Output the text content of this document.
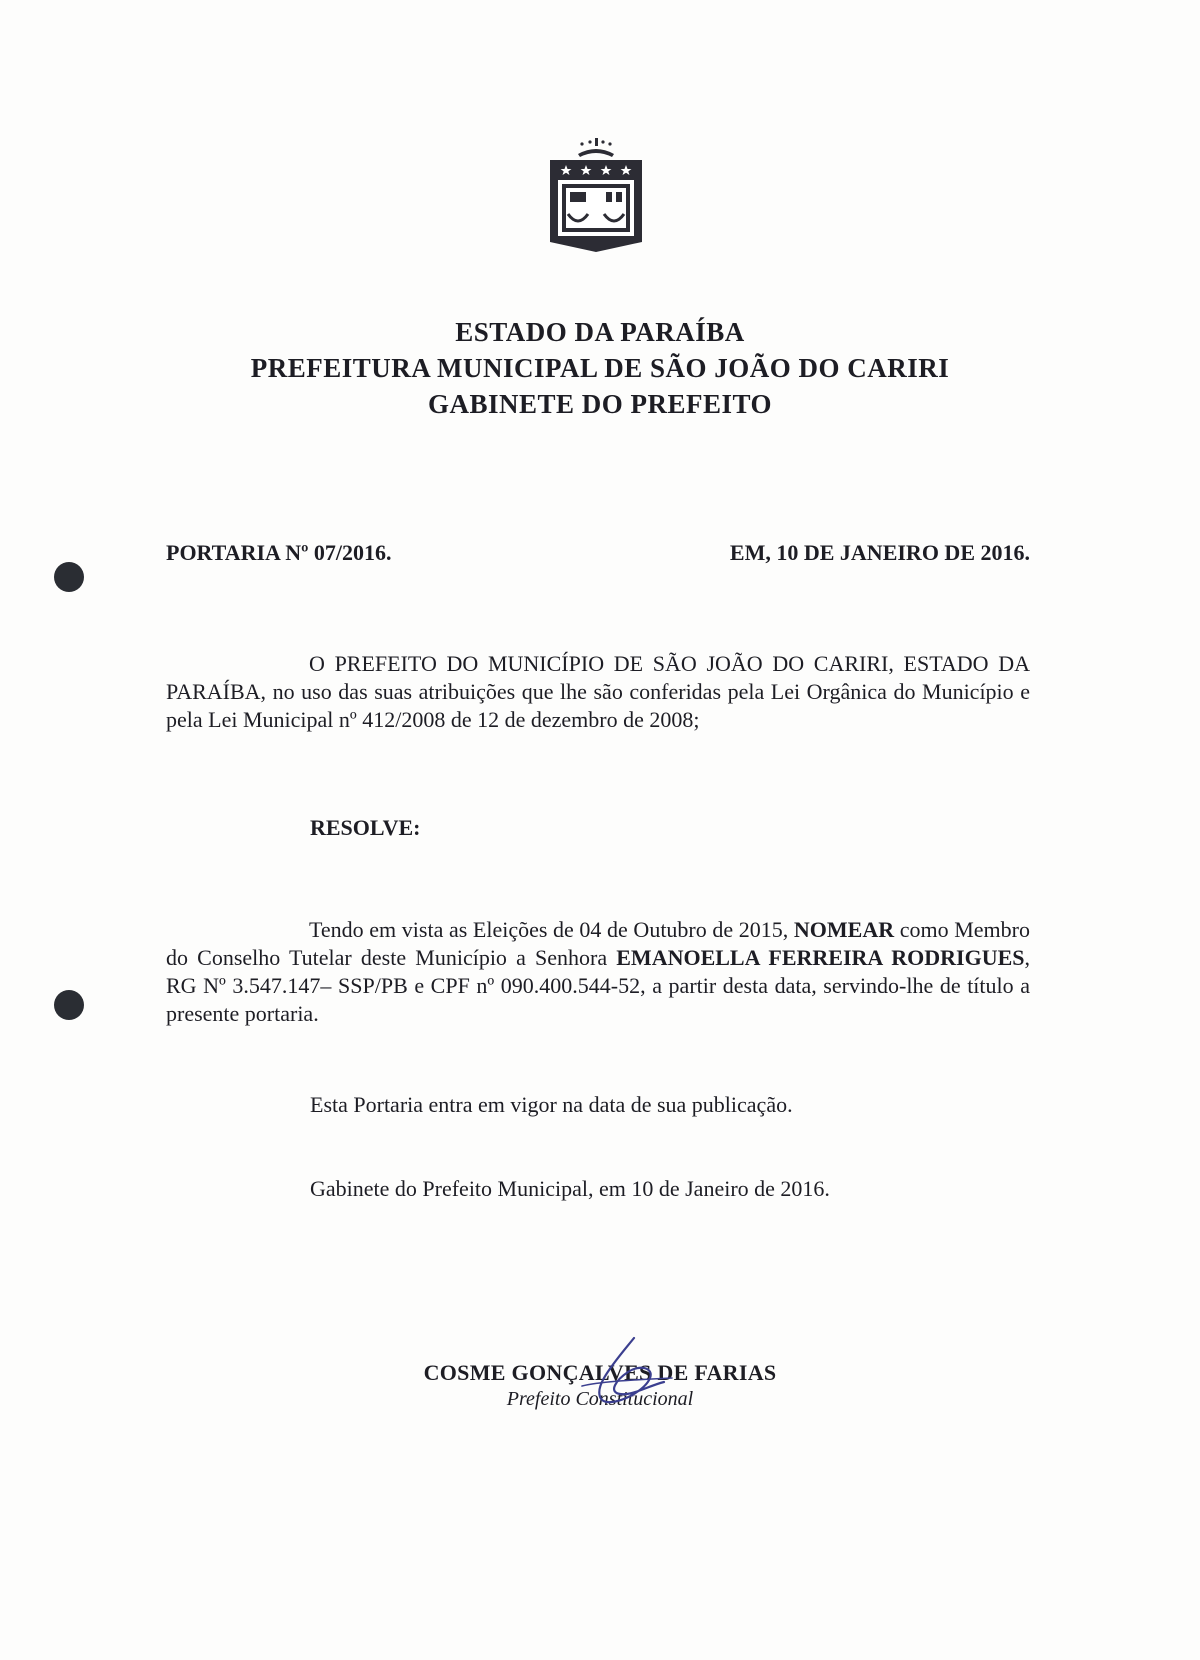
ESTADO DA PARAÍBA
PREFEITURA MUNICIPAL DE SÃO JOÃO DO CARIRI
GABINETE DO PREFEITO
PORTARIA Nº 07/2016.	EM, 10 DE JANEIRO DE 2016.
O PREFEITO DO MUNICÍPIO DE SÃO JOÃO DO CARIRI, ESTADO DA PARAÍBA, no uso das suas atribuições que lhe são conferidas pela Lei Orgânica do Município e pela Lei Municipal nº 412/2008 de 12 de dezembro de 2008;
RESOLVE:
Tendo em vista as Eleições de 04 de Outubro de 2015, NOMEAR como Membro do Conselho Tutelar deste Município a Senhora EMANOELLA FERREIRA RODRIGUES, RG Nº 3.547.147– SSP/PB e CPF nº 090.400.544-52, a partir desta data, servindo-lhe de título a presente portaria.
Esta Portaria entra em vigor na data de sua publicação.
Gabinete do Prefeito Municipal, em 10 de Janeiro de 2016.
COSME GONÇALVES DE FARIAS
Prefeito Constitucional
